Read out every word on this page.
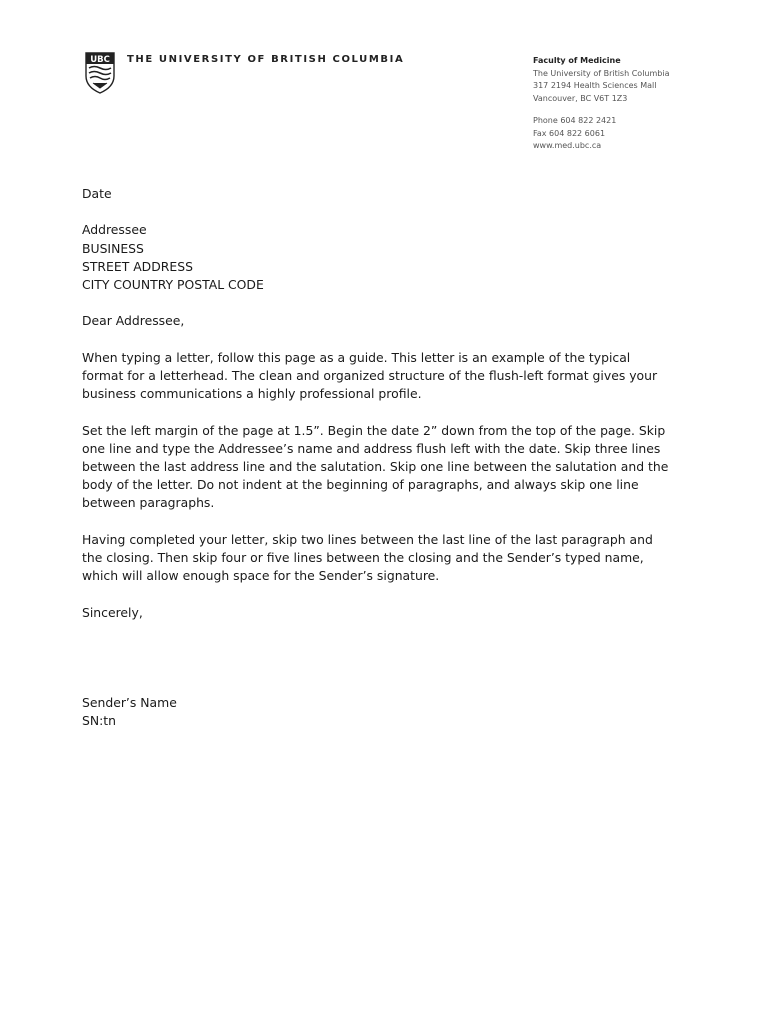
UBC THE UNIVERSITY OF BRITISH COLUMBIA	Faculty of Medicine
The University of British Columbia
317 2194 Health Sciences Mall
Vancouver, BC V6T 1Z3
Phone 604 822 2421
Fax 604 822 6061
www.med.ubc.ca

Date

Addressee
BUSINESS
STREET ADDRESS
CITY COUNTRY POSTAL CODE

Dear Addressee,

When typing a letter, follow this page as a guide. This letter is an example of the typical
format for a letterhead. The clean and organized structure of the flush-left format gives your
business communications a highly professional profile.

Set the left margin of the page at 1.5”. Begin the date 2” down from the top of the page. Skip
one line and type the Addressee’s name and address flush left with the date. Skip three lines
between the last address line and the salutation. Skip one line between the salutation and the
body of the letter. Do not indent at the beginning of paragraphs, and always skip one line
between paragraphs.

Having completed your letter, skip two lines between the last line of the last paragraph and
the closing. Then skip four or five lines between the closing and the Sender’s typed name,
which will allow enough space for the Sender’s signature.

Sincerely,

Sender’s Name

SN:tn
